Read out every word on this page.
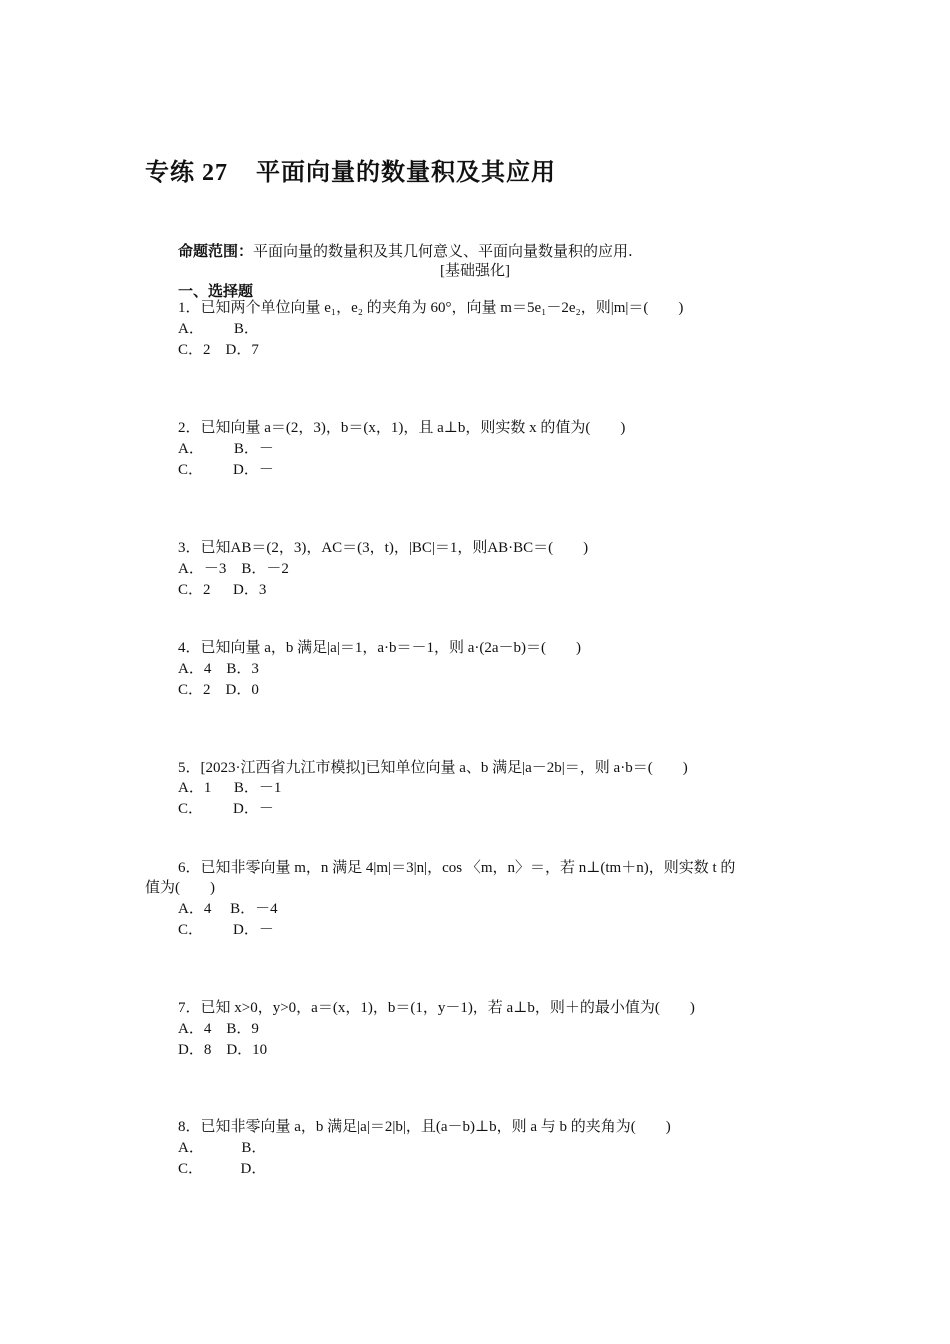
专练 27    平面向量的数量积及其应用
命题范围：平面向量的数量积及其几何意义、平面向量数量积的应用.
[基础强化]
一、选择题
1．已知两个单位向量 e₁，e₂ 的夹角为 60°，向量 m＝5e₁－2e₂，则|m|＝(        )
A．        B．
C．2    D．7
2．已知向量 a＝(2，3)，b＝(x，1)，且 a⊥b，则实数 x 的值为(        )
A．        B．－
C．        D．－
3．已知AB＝(2，3)，AC＝(3，t)，|BC|＝1，则AB·BC＝(        )
A．－3    B．－2
C．2      D．3
4．已知向量 a，b 满足|a|＝1，a·b＝－1，则 a·(2a－b)＝(        )
A．4    B．3
C．2    D．0
5．[2023·江西省九江市模拟]已知单位向量 a、b 满足|a－2b|＝，则 a·b＝(        )
A．1      B．－1
C．        D．－
6．已知非零向量 m，n 满足 4|m|＝3|n|，cos 〈m，n〉＝，若 n⊥(tm＋n)，则实数 t 的
值为(        )
A．4     B．－4
C．        D．－
7．已知 x>0，y>0，a＝(x，1)，b＝(1，y－1)，若 a⊥b，则＋的最小值为(        )
A．4    B．9
D．8    D．10
8．已知非零向量 a，b 满足|a|＝2|b|，且(a－b)⊥b，则 a 与 b 的夹角为(        )
A．          B．
C．          D．
